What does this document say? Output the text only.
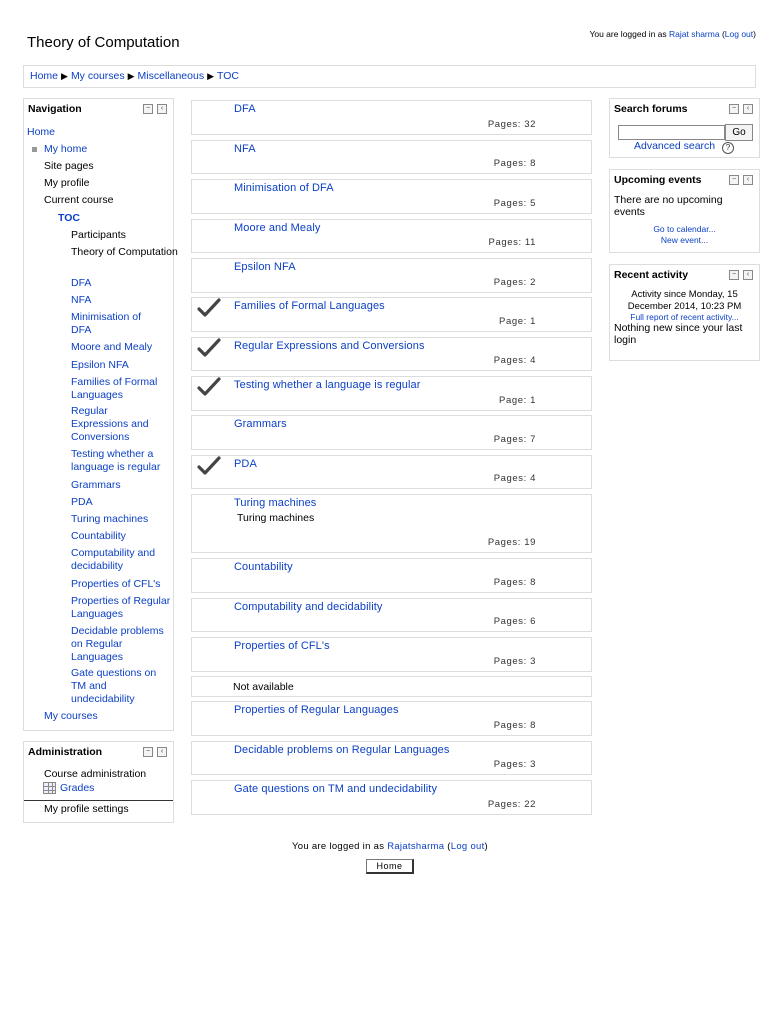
Theory of Computation	You are logged in as Rajat sharma (Log out)
Home ▶ My courses ▶ Miscellaneous ▶ TOC
Navigation	−	‹
Home
My home
Site pages
My profile
Current course
TOC
Participants
Theory of Computation
DFA
NFA
Minimisation of DFA
Moore and Mealy
Epsilon NFA
Families of Formal Languages
Regular Expressions and Conversions
Testing whether a language is regular
Grammars
PDA
Turing machines
Countability
Computability and decidability
Properties of CFL's
Properties of Regular Languages
Decidable problems on Regular Languages
Gate questions on TM and undecidability
My courses
Administration	−	‹
Course administration
Grades
My profile settings
Search forums	−	‹
Go
Advanced search	?
Upcoming events	−	‹
There are no upcoming events
Go to calendar...
New event...
Recent activity	−	‹
Activity since Monday, 15 December 2014, 10:23 PM
Full report of recent activity...
Nothing new since your last login
DFA
Pages: 32
NFA
Pages: 8
Minimisation of DFA
Pages: 5
Moore and Mealy
Pages: 11
Epsilon NFA
Pages: 2
Families of Formal Languages
Page: 1
Regular Expressions and Conversions
Pages: 4
Testing whether a language is regular
Page: 1
Grammars
Pages: 7
PDA
Pages: 4
Turing machines
Turing machines
Pages: 19
Countability
Pages: 8
Computability and decidability
Pages: 6
Properties of CFL's
Pages: 3
Not available
Properties of Regular Languages
Pages: 8
Decidable problems on Regular Languages
Pages: 3
Gate questions on TM and undecidability
Pages: 22
You are logged in as Rajatsharma (Log out)
Home
